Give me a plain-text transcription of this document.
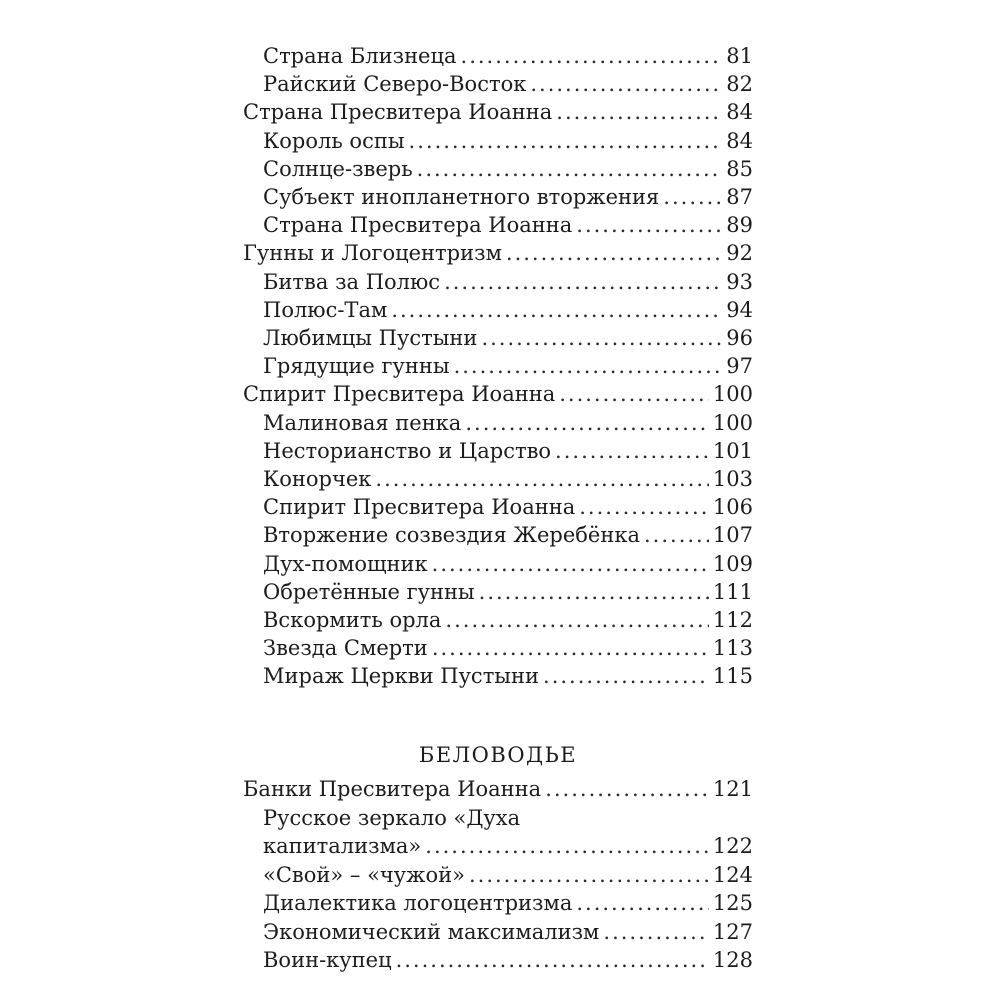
Страна Близнеца .....	81
Райский Северо-Восток .....	82
Страна Пресвитера Иоанна .....	84
Король оспы .....	84
Солнце-зверь .....	85
Субъект инопланетного вторжения .....	87
Страна Пресвитера Иоанна .....	89
Гунны и Логоцентризм .....	92
Битва за Полюс .....	93
Полюс-Там .....	94
Любимцы Пустыни .....	96
Грядущие гунны .....	97
Спирит Пресвитера Иоанна .....	100
Малиновая пенка .....	100
Несторианство и Царство .....	101
Конорчек .....	103
Спирит Пресвитера Иоанна .....	106
Вторжение созвездия Жеребёнка .....	107
Дух-помощник .....	109
Обретённые гунны .....	111
Вскормить орла .....	112
Звезда Смерти .....	113
Мираж Церкви Пустыни .....	115
БЕЛОВОДЬЕ
Банки Пресвитера Иоанна .....	121
Русское зеркало «Духа
капитализма» .....	122
«Свой» – «чужой» .....	124
Диалектика логоцентризма .....	125
Экономический максимализм .....	127
Воин-купец .....	128
